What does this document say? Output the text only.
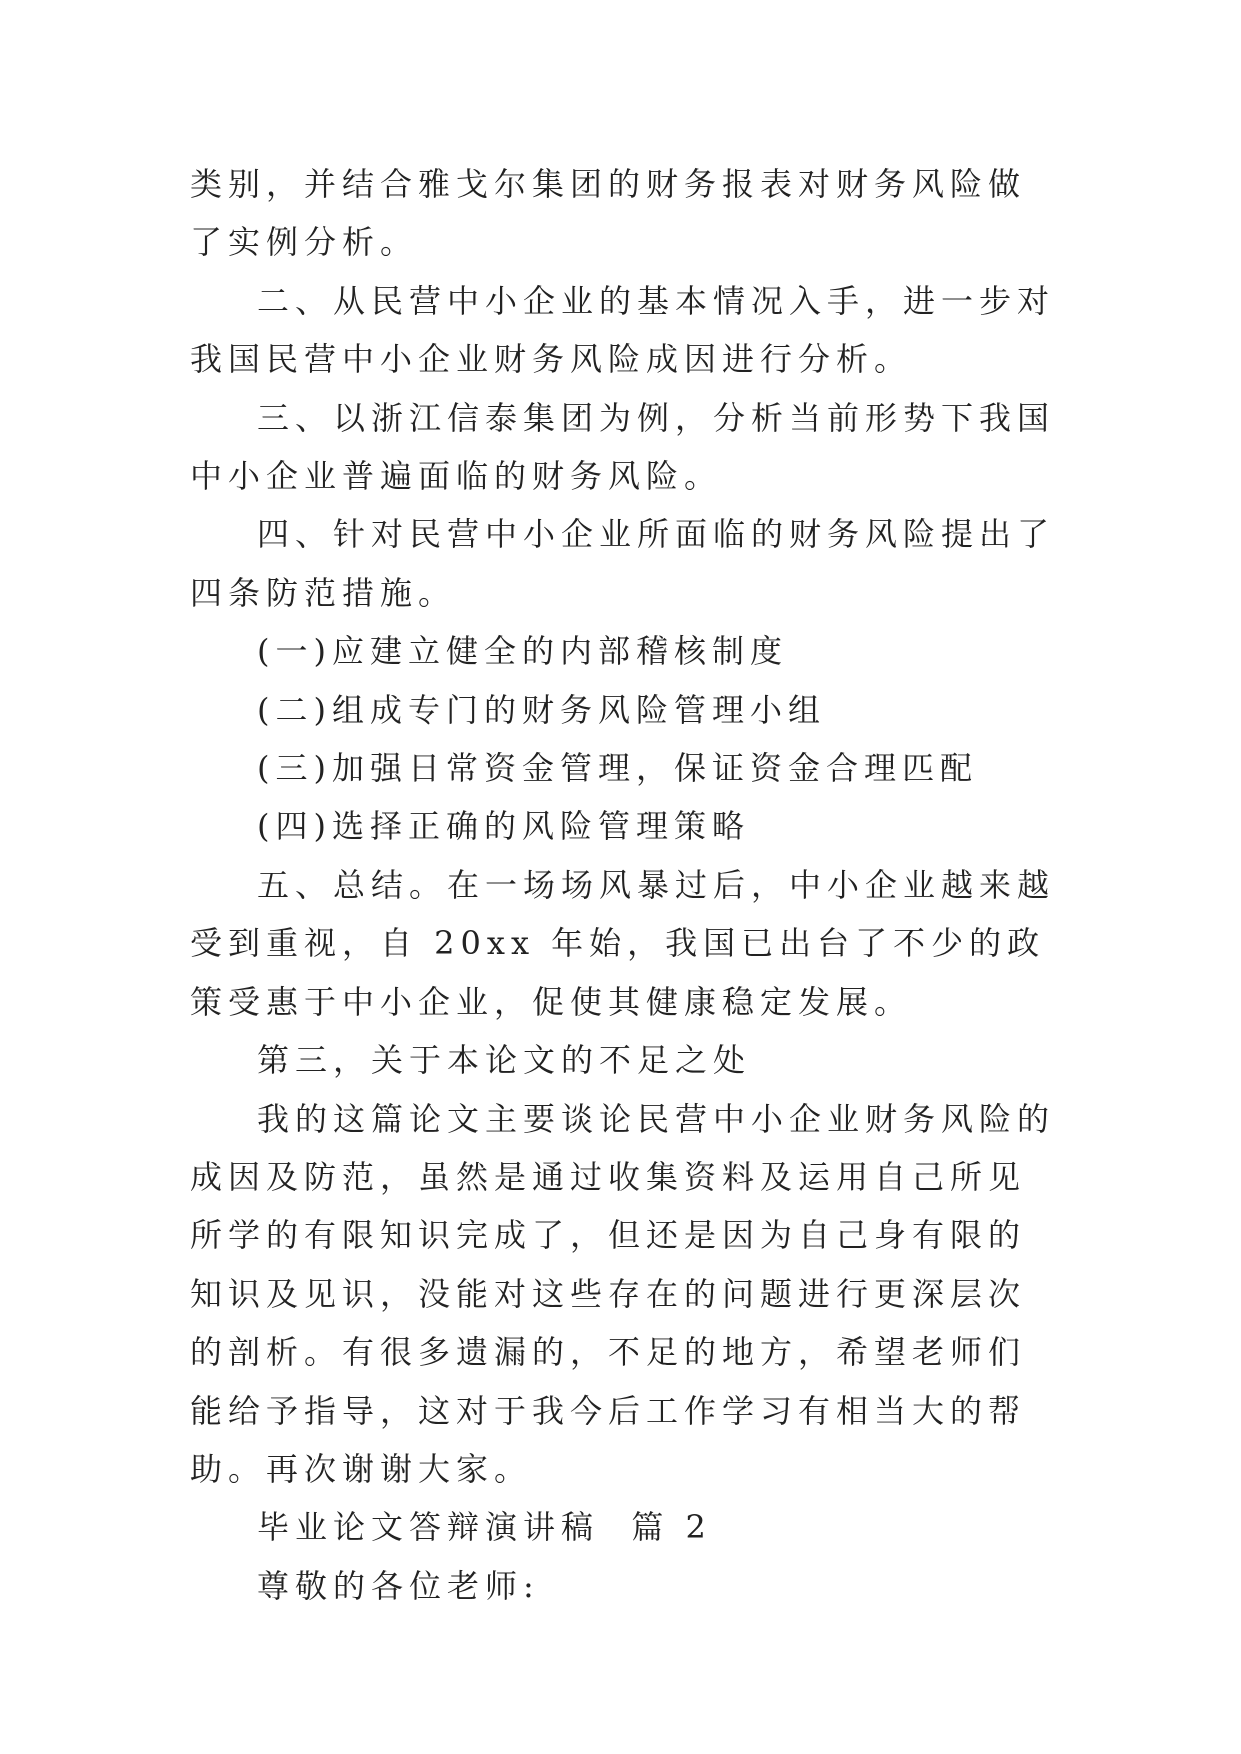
类别，并结合雅戈尔集团的财务报表对财务风险做了实例分析。

二、从民营中小企业的基本情况入手，进一步对我国民营中小企业财务风险成因进行分析。

三、以浙江信泰集团为例，分析当前形势下我国中小企业普遍面临的财务风险。

四、针对民营中小企业所面临的财务风险提出了四条防范措施。

(一)应建立健全的内部稽核制度

(二)组成专门的财务风险管理小组

(三)加强日常资金管理，保证资金合理匹配

(四)选择正确的风险管理策略

五、总结。在一场场风暴过后，中小企业越来越受到重视，自 20xx 年始，我国已出台了不少的政策受惠于中小企业，促使其健康稳定发展。

第三，关于本论文的不足之处

我的这篇论文主要谈论民营中小企业财务风险的成因及防范，虽然是通过收集资料及运用自己所见所学的有限知识完成了，但还是因为自己身有限的知识及见识，没能对这些存在的问题进行更深层次的剖析。有很多遗漏的，不足的地方，希望老师们能给予指导，这对于我今后工作学习有相当大的帮助。再次谢谢大家。

毕业论文答辩演讲稿  篇 2

尊敬的各位老师:
